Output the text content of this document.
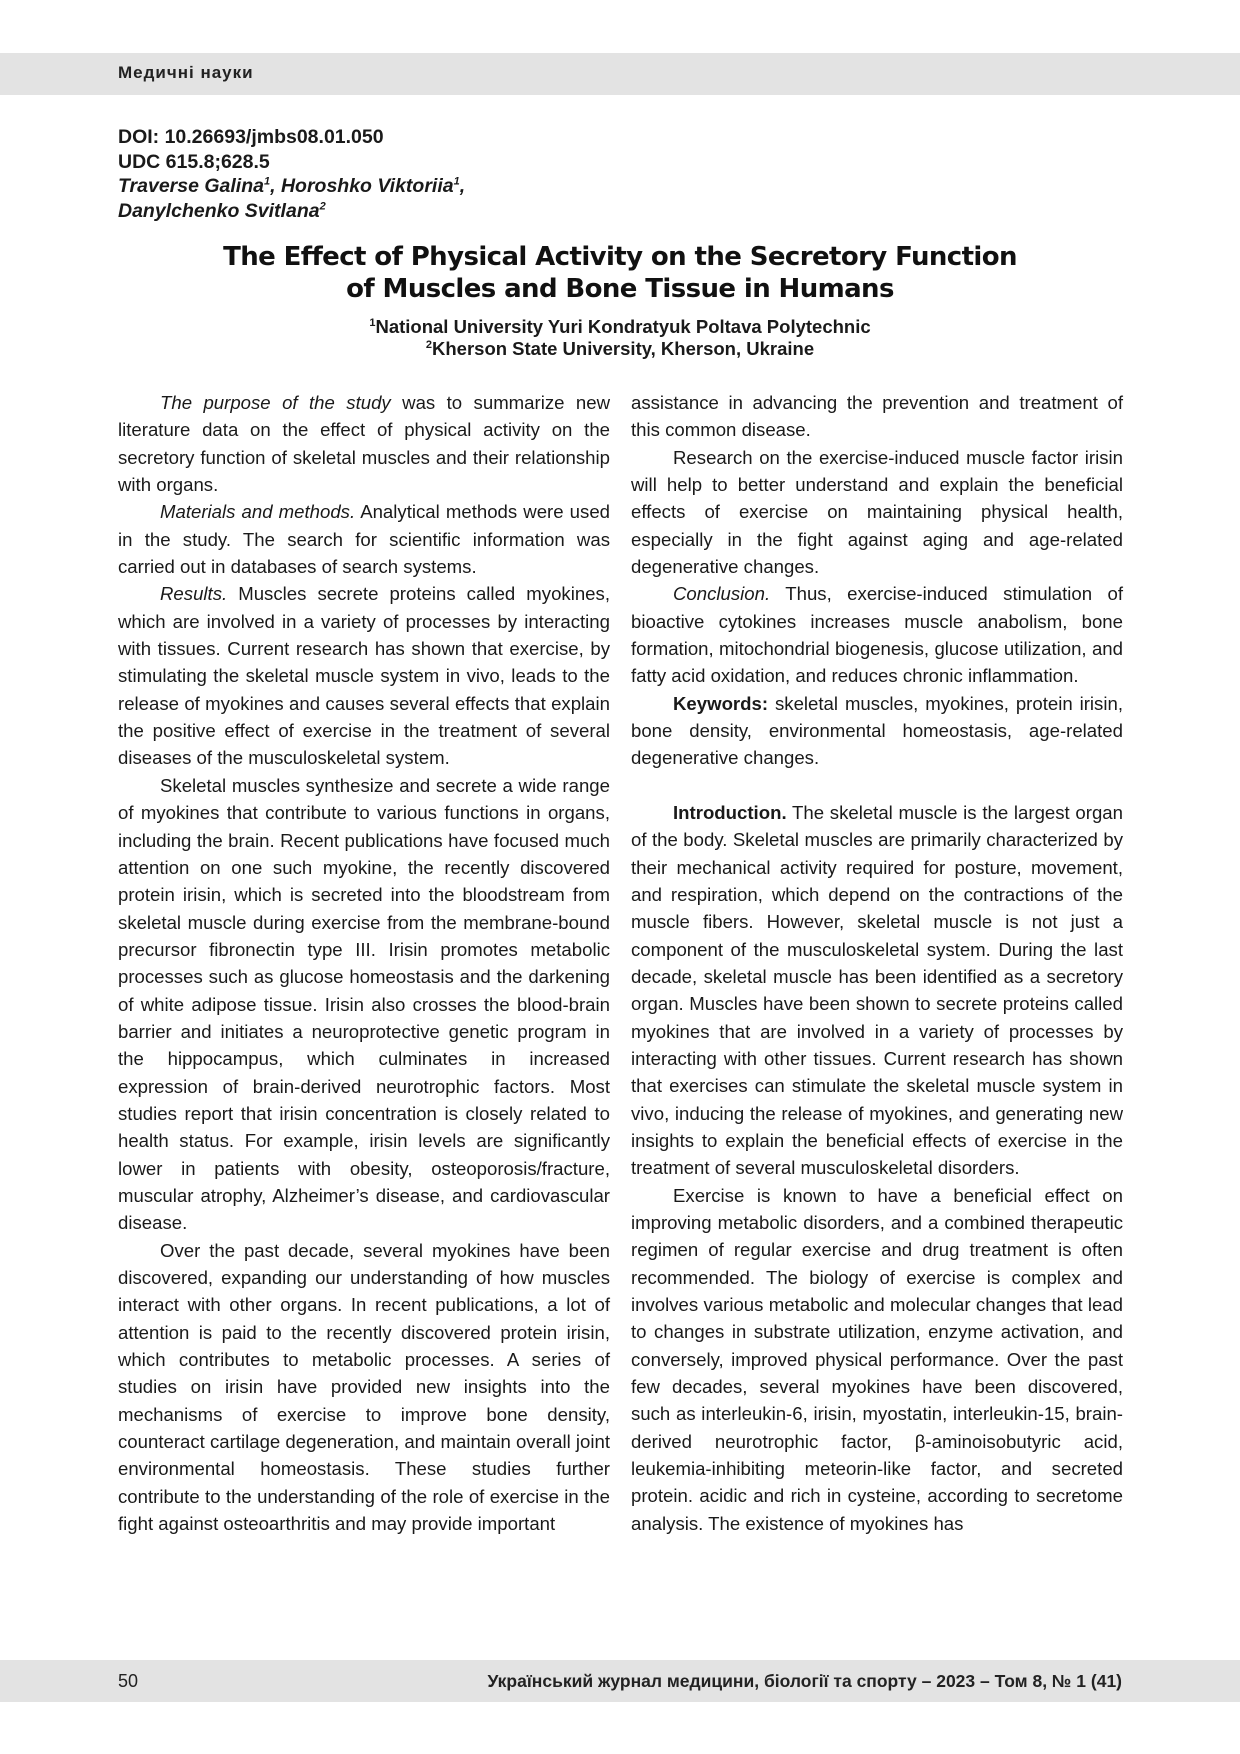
Медичні науки
DOI: 10.26693/jmbs08.01.050
UDC 615.8;628.5
Traverse Galina$^1$, Horoshko Viktoriia$^1$,
Danylchenko Svitlana$^2$
The Effect of Physical Activity on the Secretory Function
of Muscles and Bone Tissue in Humans
$^1$National University Yuri Kondratyuk Poltava Polytechnic
$^2$Kherson State University, Kherson, Ukraine

The purpose of the study was to summarize new literature data on the effect of physical activity on the secretory function of skeletal muscles and their relationship with organs.

Materials and methods. Analytical methods were used in the study. The search for scientific information was carried out in databases of search systems.

Results. Muscles secrete proteins called myokines, which are involved in a variety of processes by interacting with tissues. Current research has shown that exercise, by stimulating the skeletal muscle system in vivo, leads to the release of myokines and causes several effects that explain the positive effect of exercise in the treatment of several diseases of the musculoskeletal system.

Skeletal muscles synthesize and secrete a wide range of myokines that contribute to various functions in organs, including the brain. Recent publications have focused much attention on one such myokine, the recently discovered protein irisin, which is secreted into the bloodstream from skeletal muscle during exercise from the membrane-bound precursor fibronectin type III. Irisin promotes metabolic processes such as glucose homeostasis and the darkening of white adipose tissue. Irisin also crosses the blood-brain barrier and initiates a neuroprotective genetic program in the hippocampus, which culminates in increased expression of brain-derived neurotrophic factors. Most studies report that irisin concentration is closely related to health status. For example, irisin levels are significantly lower in patients with obesity, osteoporosis/fracture, muscular atrophy, Alzheimer’s disease, and cardiovascular disease.

Over the past decade, several myokines have been discovered, expanding our understanding of how muscles interact with other organs. In recent publications, a lot of attention is paid to the recently discovered protein irisin, which contributes to metabolic processes. A series of studies on irisin have provided new insights into the mechanisms of exercise to improve bone density, counteract cartilage degeneration, and maintain overall joint environmental homeostasis. These studies further contribute to the understanding of the role of exercise in the fight against osteoarthritis and may provide important

assistance in advancing the prevention and treatment of this common disease.

Research on the exercise-induced muscle factor irisin will help to better understand and explain the beneficial effects of exercise on maintaining physical health, especially in the fight against aging and age-related degenerative changes.

Conclusion. Thus, exercise-induced stimulation of bioactive cytokines increases muscle anabolism, bone formation, mitochondrial biogenesis, glucose utilization, and fatty acid oxidation, and reduces chronic inflammation.

Keywords: skeletal muscles, myokines, protein irisin, bone density, environmental homeostasis, age-related degenerative changes.

Introduction. The skeletal muscle is the largest organ of the body. Skeletal muscles are primarily characterized by their mechanical activity required for posture, movement, and respiration, which depend on the contractions of the muscle fibers. However, skeletal muscle is not just a component of the musculoskeletal system. During the last decade, skeletal muscle has been identified as a secretory organ. Muscles have been shown to secrete proteins called myokines that are involved in a variety of processes by interacting with other tissues. Current research has shown that exercises can stimulate the skeletal muscle system in vivo, inducing the release of myokines, and generating new insights to explain the beneficial effects of exercise in the treatment of several musculoskeletal disorders.

Exercise is known to have a beneficial effect on improving metabolic disorders, and a combined therapeutic regimen of regular exercise and drug treatment is often recommended. The biology of exercise is complex and involves various metabolic and molecular changes that lead to changes in substrate utilization, enzyme activation, and conversely, improved physical performance. Over the past few decades, several myokines have been discovered, such as interleukin-6, irisin, myostatin, interleukin-15, brain-derived neurotrophic factor, β-aminoisobutyric acid, leukemia-inhibiting meteorin-like factor, and secreted protein. acidic and rich in cysteine, according to secretome analysis. The existence of myokines has

50	Український журнал медицини, біології та спорту – 2023 – Том 8, № 1 (41)
